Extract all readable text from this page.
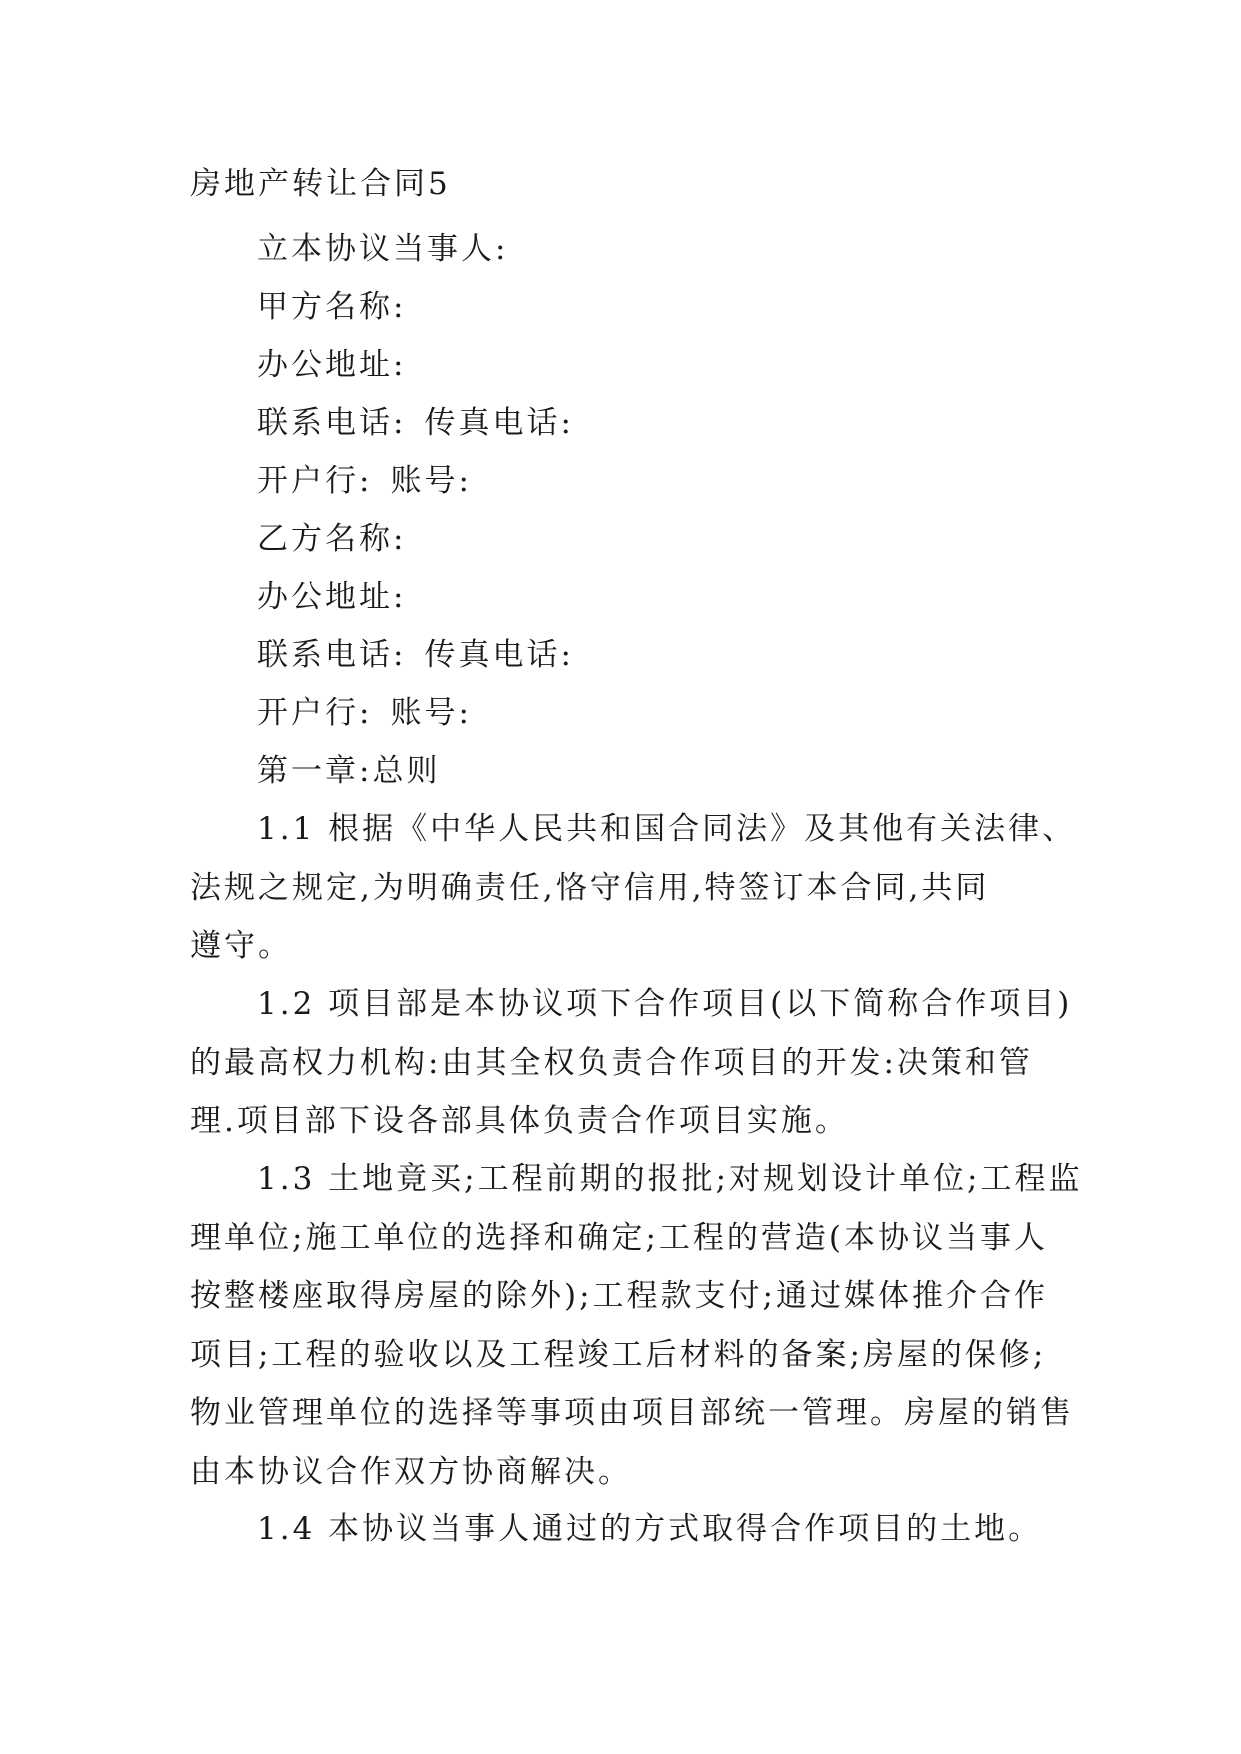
房地产转让合同5

立本协议当事人:

甲方名称:

办公地址:

联系电话: 传真电话:

开户行: 账号:

乙方名称:

办公地址:

联系电话: 传真电话:

开户行: 账号:

第一章:总则

1.1 根据《中华人民共和国合同法》及其他有关法律、

法规之规定,为明确责任,恪守信用,特签订本合同,共同

遵守。

1.2 项目部是本协议项下合作项目(以下简称合作项目)

的最高权力机构:由其全权负责合作项目的开发:决策和管

理.项目部下设各部具体负责合作项目实施。

1.3 土地竟买;工程前期的报批;对规划设计单位;工程监

理单位;施工单位的选择和确定;工程的营造(本协议当事人

按整楼座取得房屋的除外);工程款支付;通过媒体推介合作

项目;工程的验收以及工程竣工后材料的备案;房屋的保修;

物业管理单位的选择等事项由项目部统一管理。房屋的销售

由本协议合作双方协商解决。

1.4 本协议当事人通过的方式取得合作项目的土地。
